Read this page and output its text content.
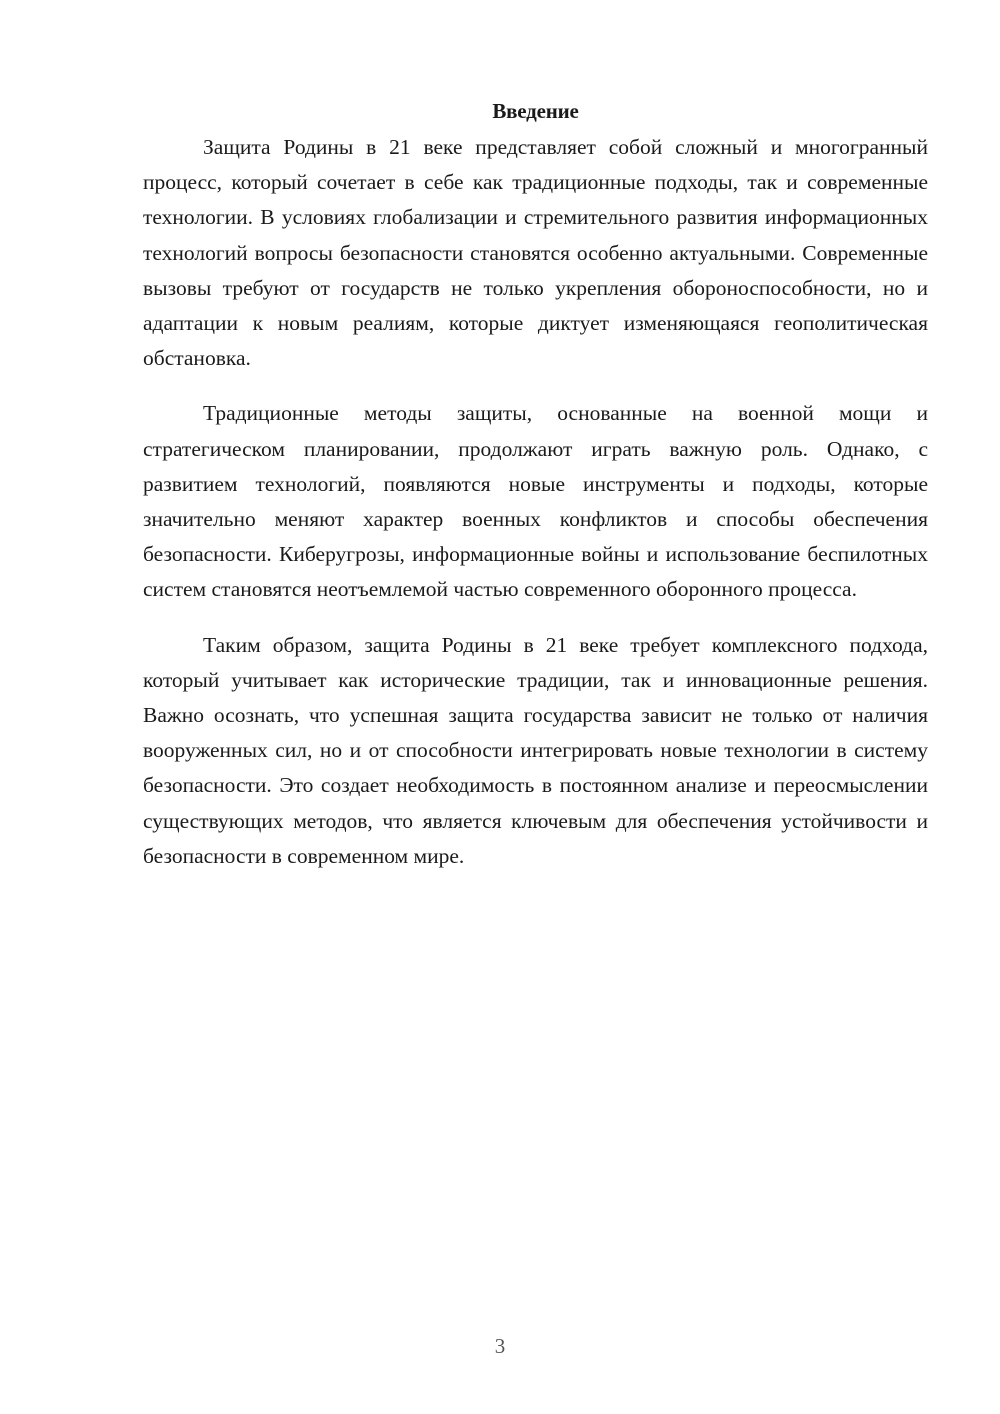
Введение

Защита Родины в 21 веке представляет собой сложный и многогранный процесс, который сочетает в себе как традиционные подходы, так и современные технологии. В условиях глобализации и стремительного развития информационных технологий вопросы безопасности становятся особенно актуальными. Современные вызовы требуют от государств не только укрепления обороноспособности, но и адаптации к новым реалиям, которые диктует изменяющаяся геополитическая обстановка.

Традиционные методы защиты, основанные на военной мощи и стратегическом планировании, продолжают играть важную роль. Однако, с развитием технологий, появляются новые инструменты и подходы, которые значительно меняют характер военных конфликтов и способы обеспечения безопасности. Киберугрозы, информационные войны и использование беспилотных систем становятся неотъемлемой частью современного оборонного процесса.

Таким образом, защита Родины в 21 веке требует комплексного подхода, который учитывает как исторические традиции, так и инновационные решения. Важно осознать, что успешная защита государства зависит не только от наличия вооруженных сил, но и от способности интегрировать новые технологии в систему безопасности. Это создает необходимость в постоянном анализе и переосмыслении существующих методов, что является ключевым для обеспечения устойчивости и безопасности в современном мире.

3
